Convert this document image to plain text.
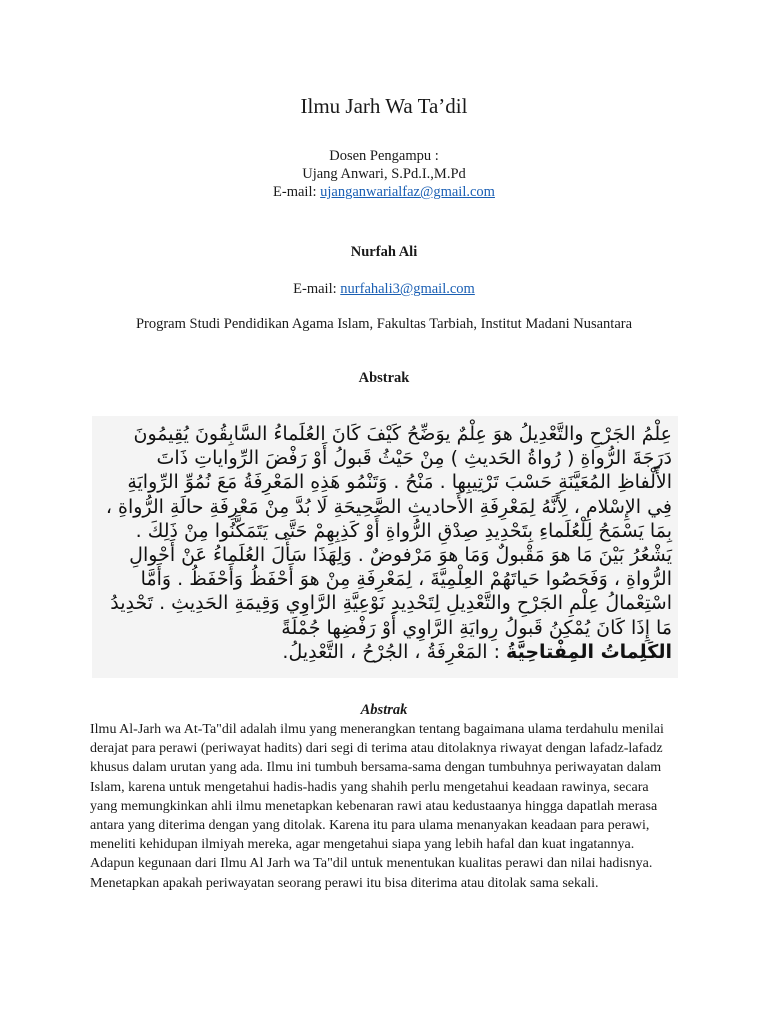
Ilmu Jarh Wa Ta’dil
Dosen Pengampu :
Ujang Anwari, S.Pd.I.,M.Pd
E-mail: ujanganwarialfaz@gmail.com
Nurfah Ali
E-mail: nurfahali3@gmail.com
Program Studi Pendidikan Agama Islam, Fakultas Tarbiah, Institut Madani Nusantara
Abstrak
عِلْمُ الجَرْحِ والتَّعْدِيلُ هوَ عِلْمٌ يوَضِّحُ كَيْفَ كَانَ العُلَماءُ السَّابِقُونَ يُقِيمُونَ دَرَجَةَ الرُّواةِ ( رُواةُ الحَديثِ ) مِنْ حَيْثُ قَبولُ أَوْ رَفْضَ الرِّواياتِ ذَاتَ الأَلْفاظِ المُعَيَّنَةِ حَسْبَ تَرْتِيبِها . مَنْحُ . وَتَنْمُو هَذِهِ المَعْرِفَةُ مَعَ نُمُوِّ الرِّوايَةِ فِي الإِسْلامِ ، لِأَنَّهُ لِمَعْرِفَةِ الأَحاديثِ الصَّحِيحَةِ لَا بُدَّ مِنْ مَعْرِفَةِ حالَةِ الرُّواةِ ، بِمَا يَسْمَحُ لِلْعُلَماءِ بِتَحْدِيدِ صِدْقِ الرُّواةِ أَوْ كَذِبِهِمْ حَتَّى يَتَمَكَّنُوا مِنْ ذَلِكَ . يَشْعُرُ بَيْنَ مَا هوَ مَقْبولٌ وَمَا هوَ مَرْفوضٌ . وَلِهَذَا سَأَلَ العُلَماءُ عَنْ أَحْوالِ الرُّواةِ ، وَفَحَصُوا حَياتَهُمْ العِلْمِيَّةَ ، لِمَعْرِفَةِ مِنْ هوَ أَحْفَظُ وَأَحْفَظُ . وَأَمَّا اسْتِعْمالُ عِلْمِ الجَرْحِ والتَّعْدِيلِ لِتَحْدِيدِ نَوْعِيَّةِ الرَّاوِي وَقِيمَةِ الحَدِيثِ . تَحْدِيدُ مَا إِذَا كَانَ يُمْكِنُ قَبولُ رِوايَةِ الرَّاوِي أَوْ رَفْضِها جُمْلَةً
الكَلِماتُ المِفْتاحِيَّةُ : المَعْرِفَةُ ، الجُرْحُ ، التَّعْدِيلُ.
Abstrak
Ilmu Al-Jarh wa At-Ta"dil adalah ilmu yang menerangkan tentang bagaimana ulama terdahulu menilai derajat para perawi (periwayat hadits) dari segi di terima atau ditolaknya riwayat dengan lafadz-lafadz khusus dalam urutan yang ada. Ilmu ini tumbuh bersama-sama dengan tumbuhnya periwayatan dalam Islam, karena untuk mengetahui hadis-hadis yang shahih perlu mengetahui keadaan rawinya, secara yang memungkinkan ahli ilmu menetapkan kebenaran rawi atau kedustaanya hingga dapatlah merasa antara yang diterima dengan yang ditolak. Karena itu para ulama menanyakan keadaan para perawi, meneliti kehidupan ilmiyah mereka, agar mengetahui siapa yang lebih hafal dan kuat ingatannya. Adapun kegunaan dari Ilmu Al Jarh wa Ta"dil untuk menentukan kualitas perawi dan nilai hadisnya. Menetapkan apakah periwayatan seorang perawi itu bisa diterima atau ditolak sama sekali.
